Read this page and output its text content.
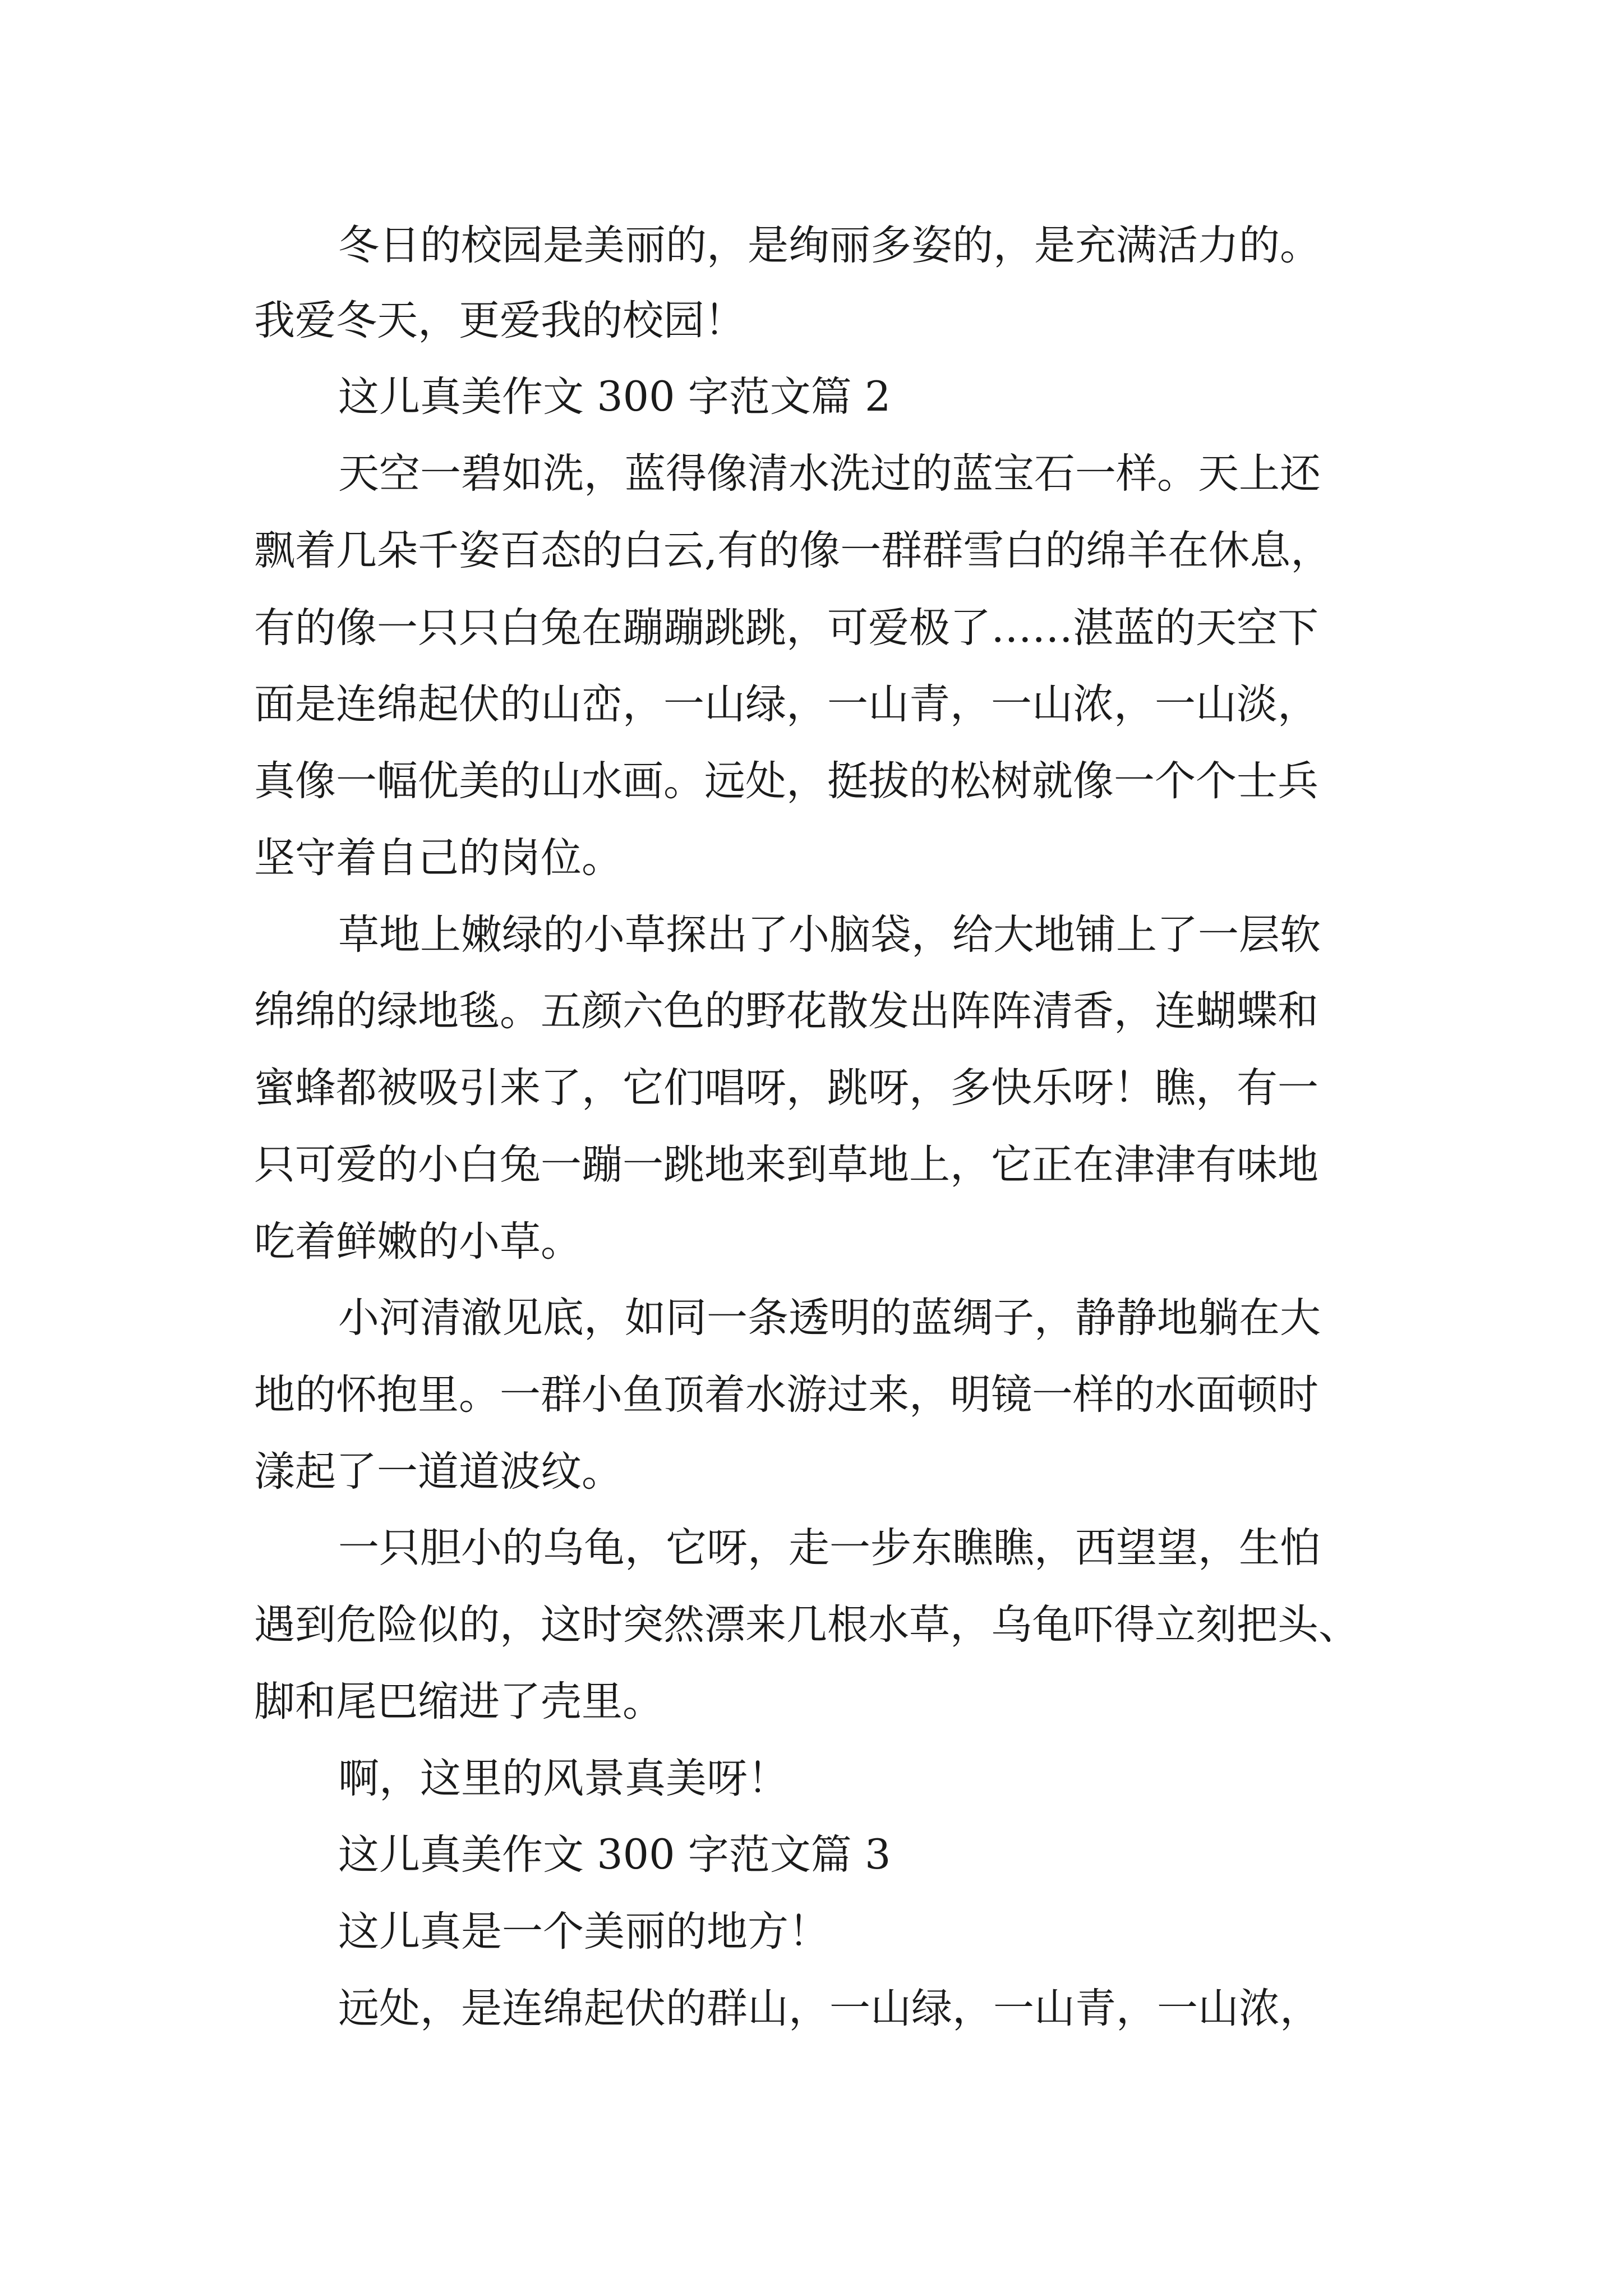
冬日的校园是美丽的，是绚丽多姿的，是充满活力的。
我爱冬天，更爱我的校园！
这儿真美作文 300 字范文篇 2
天空一碧如洗，蓝得像清水洗过的蓝宝石一样。天上还
飘着几朵千姿百态的白云,有的像一群群雪白的绵羊在休息，
有的像一只只白兔在蹦蹦跳跳，可爱极了……湛蓝的天空下
面是连绵起伏的山峦，一山绿，一山青，一山浓，一山淡，
真像一幅优美的山水画。远处，挺拔的松树就像一个个士兵
坚守着自己的岗位。
草地上嫩绿的小草探出了小脑袋，给大地铺上了一层软
绵绵的绿地毯。五颜六色的野花散发出阵阵清香，连蝴蝶和
蜜蜂都被吸引来了，它们唱呀，跳呀，多快乐呀！瞧，有一
只可爱的小白兔一蹦一跳地来到草地上，它正在津津有味地
吃着鲜嫩的小草。
小河清澈见底，如同一条透明的蓝绸子，静静地躺在大
地的怀抱里。一群小鱼顶着水游过来，明镜一样的水面顿时
漾起了一道道波纹。
一只胆小的乌龟，它呀，走一步东瞧瞧，西望望，生怕
遇到危险似的，这时突然漂来几根水草，乌龟吓得立刻把头、
脚和尾巴缩进了壳里。
啊，这里的风景真美呀！
这儿真美作文 300 字范文篇 3
这儿真是一个美丽的地方！
远处，是连绵起伏的群山，一山绿，一山青，一山浓，
